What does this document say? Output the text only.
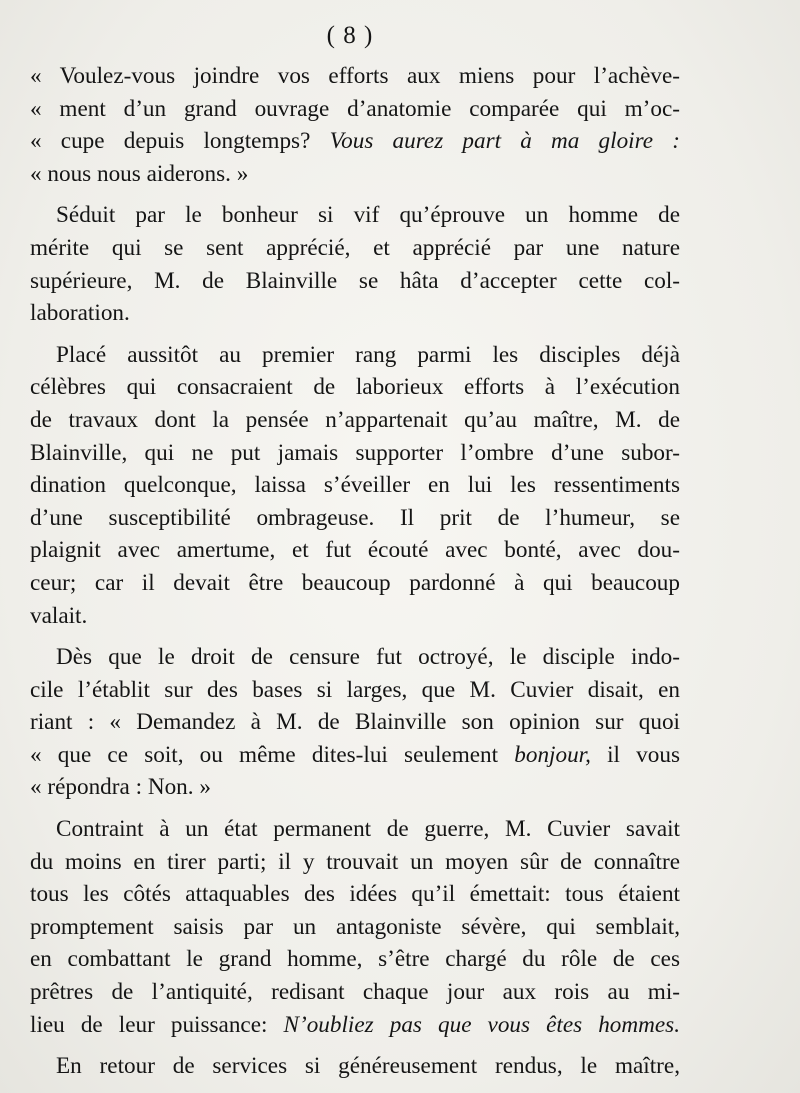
( 8 )

« Voulez-vous joindre vos efforts aux miens pour l’achève-
« ment d’un grand ouvrage d’anatomie comparée qui m’oc-
« cupe depuis longtemps? Vous aurez part à ma gloire :
« nous nous aiderons. »

Séduit par le bonheur si vif qu’éprouve un homme de
mérite qui se sent apprécié, et apprécié par une nature
supérieure, M. de Blainville se hâta d’accepter cette col-
laboration.

Placé aussitôt au premier rang parmi les disciples déjà
célèbres qui consacraient de laborieux efforts à l’exécution
de travaux dont la pensée n’appartenait qu’au maître, M. de
Blainville, qui ne put jamais supporter l’ombre d’une subor-
dination quelconque, laissa s’éveiller en lui les ressentiments
d’une susceptibilité ombrageuse. Il prit de l’humeur, se
plaignit avec amertume, et fut écouté avec bonté, avec dou-
ceur; car il devait être beaucoup pardonné à qui beaucoup
valait.

Dès que le droit de censure fut octroyé, le disciple indo-
cile l’établit sur des bases si larges, que M. Cuvier disait, en
riant : « Demandez à M. de Blainville son opinion sur quoi
« que ce soit, ou même dites-lui seulement bonjour, il vous
« répondra : Non. »

Contraint à un état permanent de guerre, M. Cuvier savait
du moins en tirer parti; il y trouvait un moyen sûr de connaître
tous les côtés attaquables des idées qu’il émettait: tous étaient
promptement saisis par un antagoniste sévère, qui semblait,
en combattant le grand homme, s’être chargé du rôle de ces
prêtres de l’antiquité, redisant chaque jour aux rois au mi-
lieu de leur puissance: N’oubliez pas que vous êtes hommes.

En retour de services si généreusement rendus, le maître,
